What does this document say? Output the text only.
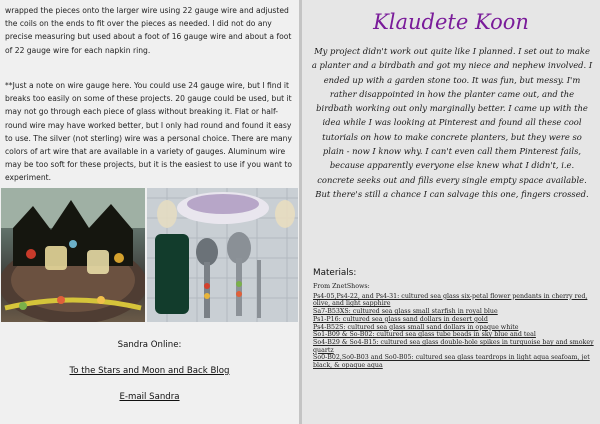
wrapped the pieces onto the larger wire using 22 gauge wire and adjusted the coils on the ends to fit over the pieces as needed. I did not do any precise measuring but used about a foot of 16 gauge wire and about a foot of 22 gauge wire for each napkin ring.

**Just a note on wire gauge here. You could use 24 gauge wire, but I find it breaks too easily on some of these projects. 20 gauge could be used, but it may not go through each piece of glass without breaking it. Flat or half-round wire may have worked better, but I only had round and found it easy to use. The silver (not sterling) wire was a personal choice. There are many colors of art wire that are available in a variety of gauges. Aluminum wire may be too soft for these projects, but it is the easiest to use if you want to experiment.

Sandra Online:
To the Stars and Moon and Back Blog
E-mail Sandra
Klaudete Koon

My project didn't work out quite like I planned. I set out to make a planter and a birdbath and got my niece and nephew involved. I ended up with a garden stone too. It was fun, but messy. I'm rather disappointed in how the planter came out, and the birdbath working out only marginally better. I came up with the idea while I was looking at Pinterest and found all these cool tutorials on how to make concrete planters, but they were so plain - now I know why. I can't even call them Pinterest fails, because apparently everyone else knew what I didn't, i.e. concrete seeks out and fills every single empty space available. But there's still a chance I can salvage this one, fingers crossed.

Materials:
From ZnetShows:
Ps4-05,Ps4-22, and Ps4-31: cultured sea glass six-petal flower pendants in cherry red, olive, and light sapphire
Sa7-B53XS: cultured sea glass small starfish in royal blue
Ps1-P16: cultured sea glass sand dollars in desert gold
Ps4-B52S: cultured sea glass small sand dollars in opaque white
So1-B09 & So-B02: cultured sea glass tube beads in sky blue and teal
So4-B29 & So4-B15: cultured sea glass double-hole spikes in turquoise bay and smokey quartz
So0-B02,So0-B03 and So0-B05: cultured sea glass teardrops in light aqua seafoam, jet black, & opaque aqua
